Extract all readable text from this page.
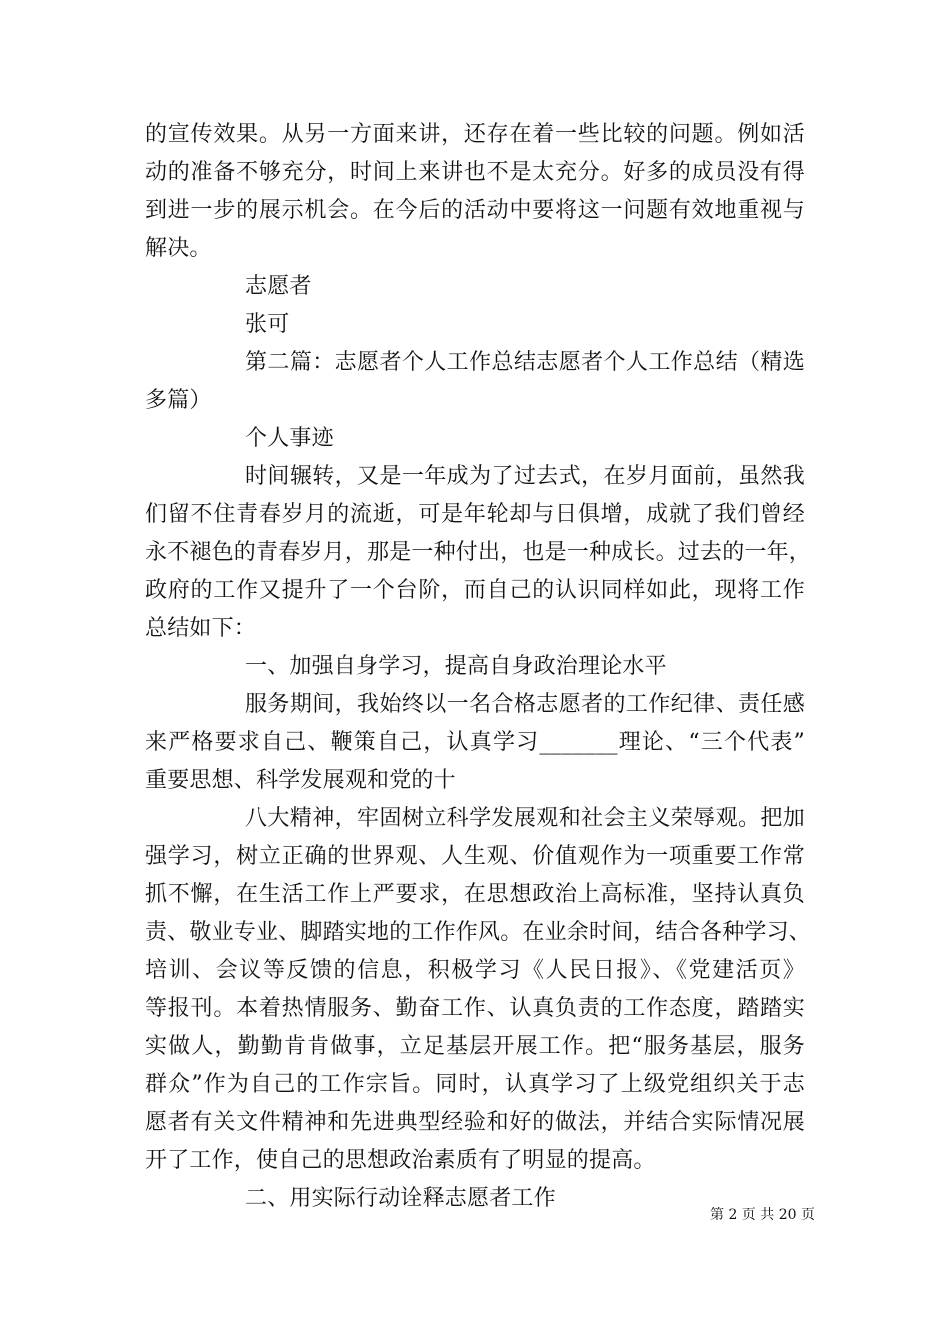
的宣传效果。从另一方面来讲，还存在着一些比较的问题。例如活
动的准备不够充分，时间上来讲也不是太充分。好多的成员没有得
到进一步的展示机会。在今后的活动中要将这一问题有效地重视与
解决。
志愿者
张可
第二篇：志愿者个人工作总结志愿者个人工作总结（精选
多篇）
个人事迹
时间辗转，又是一年成为了过去式，在岁月面前，虽然我
们留不住青春岁月的流逝，可是年轮却与日俱增，成就了我们曾经
永不褪色的青春岁月，那是一种付出，也是一种成长。过去的一年，
政府的工作又提升了一个台阶，而自己的认识同样如此，现将工作
总结如下：
一、加强自身学习，提高自身政治理论水平
服务期间，我始终以一名合格志愿者的工作纪律、责任感
来严格要求自己、鞭策自己，认真学习_______理论、“三个代表”
重要思想、科学发展观和党的十
八大精神，牢固树立科学发展观和社会主义荣辱观。把加
强学习，树立正确的世界观、人生观、价值观作为一项重要工作常
抓不懈，在生活工作上严要求，在思想政治上高标准，坚持认真负
责、敬业专业、脚踏实地的工作作风。在业余时间，结合各种学习、
培训、会议等反馈的信息，积极学习《人民日报》、《党建活页》
等报刊。本着热情服务、勤奋工作、认真负责的工作态度，踏踏实
实做人，勤勤肯肯做事，立足基层开展工作。把“服务基层，服务
群众”作为自己的工作宗旨。同时，认真学习了上级党组织关于志
愿者有关文件精神和先进典型经验和好的做法，并结合实际情况展
开了工作，使自己的思想政治素质有了明显的提高。
二、用实际行动诠释志愿者工作
第 2 页 共 20 页
